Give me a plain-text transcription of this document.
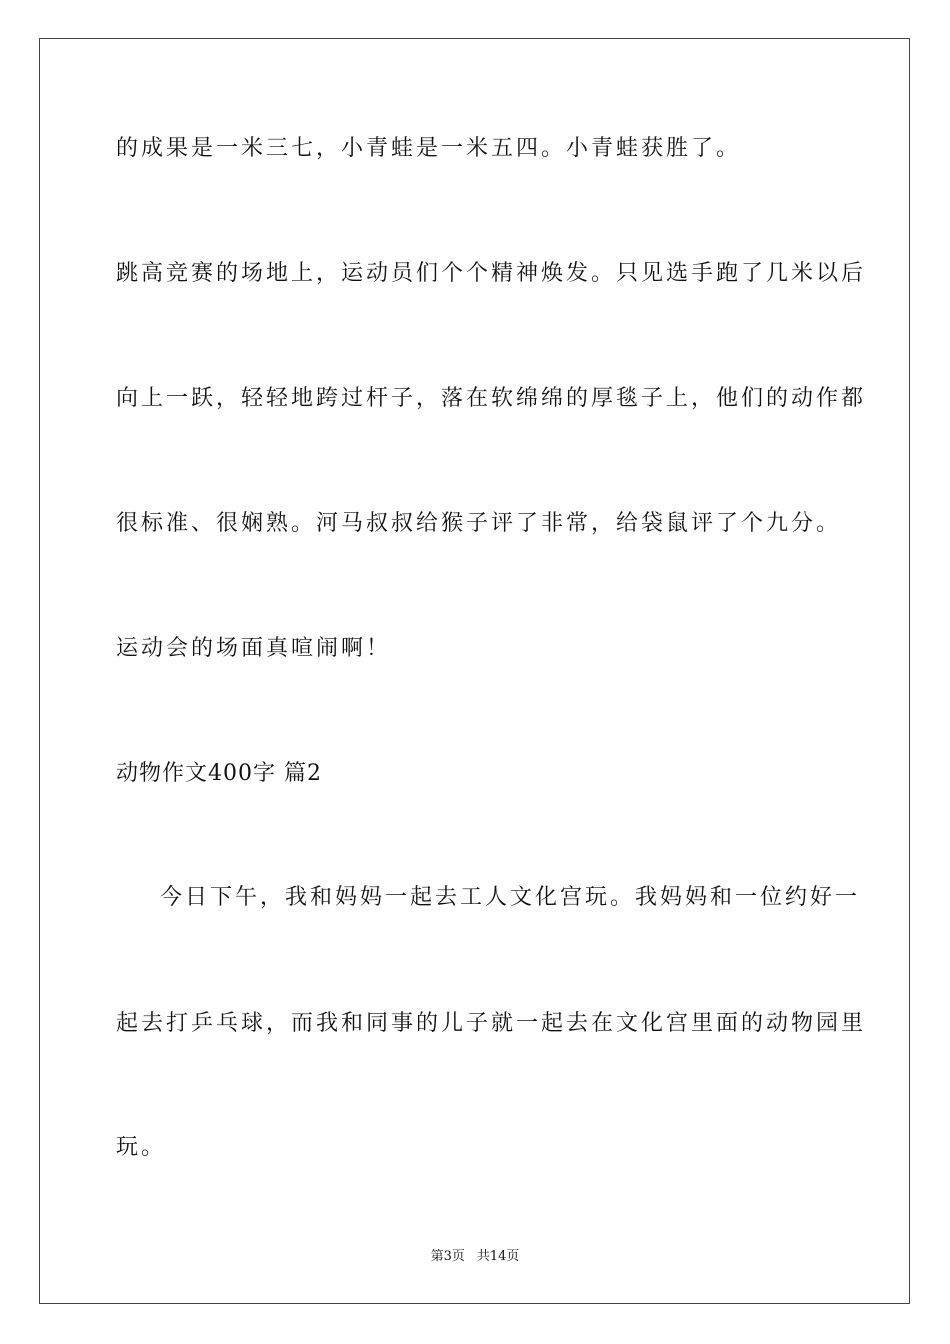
的成果是一米三七，小青蛙是一米五四。小青蛙获胜了。

跳高竞赛的场地上，运动员们个个精神焕发。只见选手跑了几米以后

向上一跃，轻轻地跨过杆子，落在软绵绵的厚毯子上，他们的动作都

很标准、很娴熟。河马叔叔给猴子评了非常，给袋鼠评了个九分。

运动会的场面真喧闹啊！

动物作文400字 篇2

今日下午，我和妈妈一起去工人文化宫玩。我妈妈和一位约好一

起去打乒乓球，而我和同事的儿子就一起去在文化宫里面的动物园里

玩。

第3页 共14页
